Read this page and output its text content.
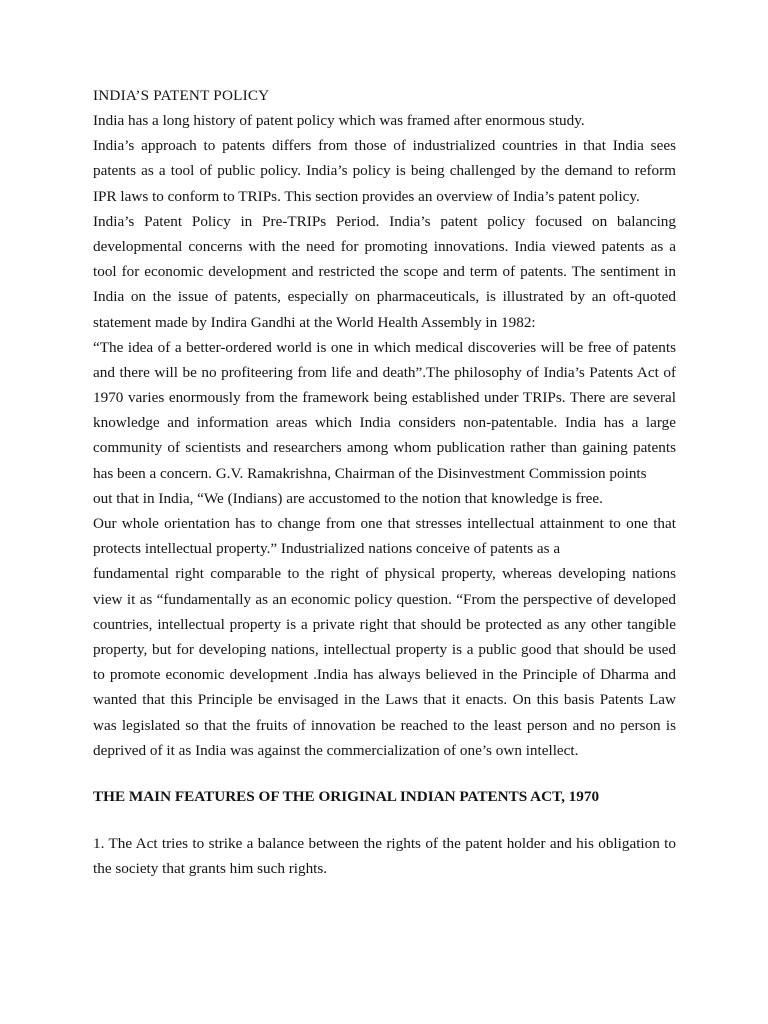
INDIA’S PATENT POLICY
India has a long history of patent policy which was framed after enormous study.
India’s approach to patents differs from those of industrialized countries in that India sees
patents as a tool of public policy. India’s policy is being challenged by the demand to reform
IPR laws to conform to TRIPs. This section provides an overview of India’s patent policy.
India’s Patent Policy in Pre-TRIPs Period. India’s patent policy focused on balancing
developmental concerns with the need for promoting innovations. India viewed patents as a
tool for economic development and restricted the scope and term of patents. The sentiment in
India on the issue of patents, especially on pharmaceuticals, is illustrated by an oft-quoted
statement made by Indira Gandhi at the World Health Assembly in 1982:
“The idea of a better-ordered world is one in which medical discoveries will be free of patents
and there will be no profiteering from life and death”.The philosophy of India’s Patents Act of
1970 varies enormously from the framework being established under TRIPs. There are several
knowledge and information areas which India considers non-patentable. India has a large
community of scientists and researchers among whom publication rather than gaining patents
has been a concern. G.V. Ramakrishna, Chairman of the Disinvestment Commission points
out that in India, “We (Indians) are accustomed to the notion that knowledge is free.
Our whole orientation has to change from one that stresses intellectual attainment to one that
protects intellectual property.” Industrialized nations conceive of patents as a
fundamental right comparable to the right of physical property, whereas developing nations
view it as “fundamentally as an economic policy question. “From the perspective of developed
countries, intellectual property is a private right that should be protected as any other tangible
property, but for developing nations, intellectual property is a public good that should be used
to promote economic development .India has always believed in the Principle of Dharma and
wanted that this Principle be envisaged in the Laws that it enacts. On this basis Patents Law
was legislated so that the fruits of innovation be reached to the least person and no person is
deprived of it as India was against the commercialization of one’s own intellect.
THE MAIN FEATURES OF THE ORIGINAL INDIAN PATENTS ACT, 1970
1. The Act tries to strike a balance between the rights of the patent holder and his obligation to
the society that grants him such rights.
